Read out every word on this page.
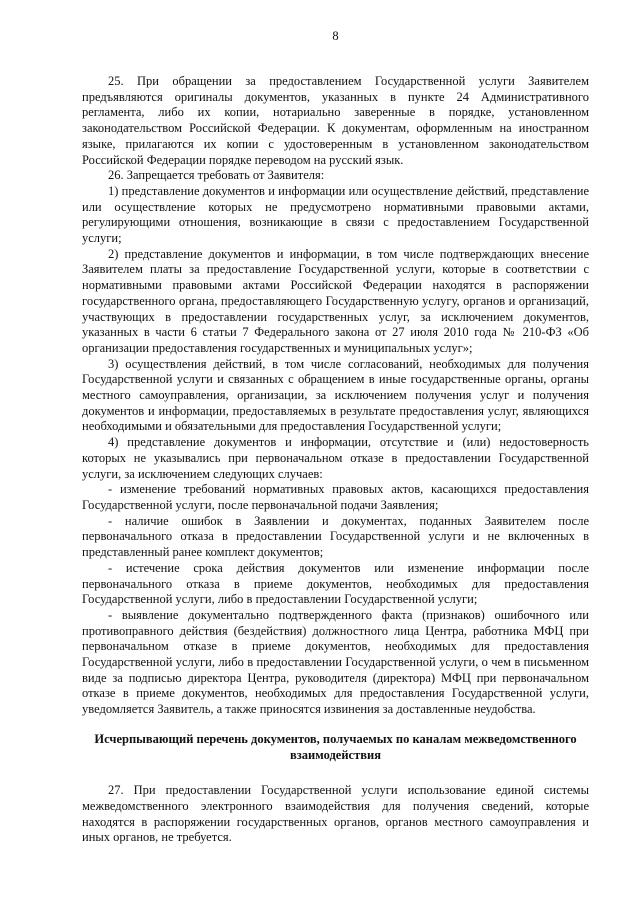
8

25. При обращении за предоставлением Государственной услуги Заявителем предъявляются оригиналы документов, указанных в пункте 24 Административного регламента, либо их копии, нотариально заверенные в порядке, установленном законодательством Российской Федерации. К документам, оформленным на иностранном языке, прилагаются их копии с удостоверенным в установленном законодательством Российской Федерации порядке переводом на русский язык.

26. Запрещается требовать от Заявителя:

1) представление документов и информации или осуществление действий, представление или осуществление которых не предусмотрено нормативными правовыми актами, регулирующими отношения, возникающие в связи с предоставлением Государственной услуги;

2) представление документов и информации, в том числе подтверждающих внесение Заявителем платы за предоставление Государственной услуги, которые в соответствии с нормативными правовыми актами Российской Федерации находятся в распоряжении государственного органа, предоставляющего Государственную услугу, органов и организаций, участвующих в предоставлении государственных услуг, за исключением документов, указанных в части 6 статьи 7 Федерального закона от 27 июля 2010 года № 210-ФЗ «Об организации предоставления государственных и муниципальных услуг»;

3) осуществления действий, в том числе согласований, необходимых для получения Государственной услуги и связанных с обращением в иные государственные органы, органы местного самоуправления, организации, за исключением получения услуг и получения документов и информации, предоставляемых в результате предоставления услуг, являющихся необходимыми и обязательными для предоставления Государственной услуги;

4) представление документов и информации, отсутствие и (или) недостоверность которых не указывались при первоначальном отказе в предоставлении Государственной услуги, за исключением следующих случаев:

- изменение требований нормативных правовых актов, касающихся предоставления Государственной услуги, после первоначальной подачи Заявления;

- наличие ошибок в Заявлении и документах, поданных Заявителем после первоначального отказа в предоставлении Государственной услуги и не включенных в представленный ранее комплект документов;

- истечение срока действия документов или изменение информации после первоначального отказа в приеме документов, необходимых для предоставления Государственной услуги, либо в предоставлении Государственной услуги;

- выявление документально подтвержденного факта (признаков) ошибочного или противоправного действия (бездействия) должностного лица Центра, работника МФЦ при первоначальном отказе в приеме документов, необходимых для предоставления Государственной услуги, либо в предоставлении Государственной услуги, о чем в письменном виде за подписью директора Центра, руководителя (директора) МФЦ при первоначальном отказе в приеме документов, необходимых для предоставления Государственной услуги, уведомляется Заявитель, а также приносятся извинения за доставленные неудобства.

Исчерпывающий перечень документов, получаемых по каналам межведомственного взаимодействия

27. При предоставлении Государственной услуги использование единой системы межведомственного электронного взаимодействия для получения сведений, которые находятся в распоряжении государственных органов, органов местного самоуправления и иных органов, не требуется.
